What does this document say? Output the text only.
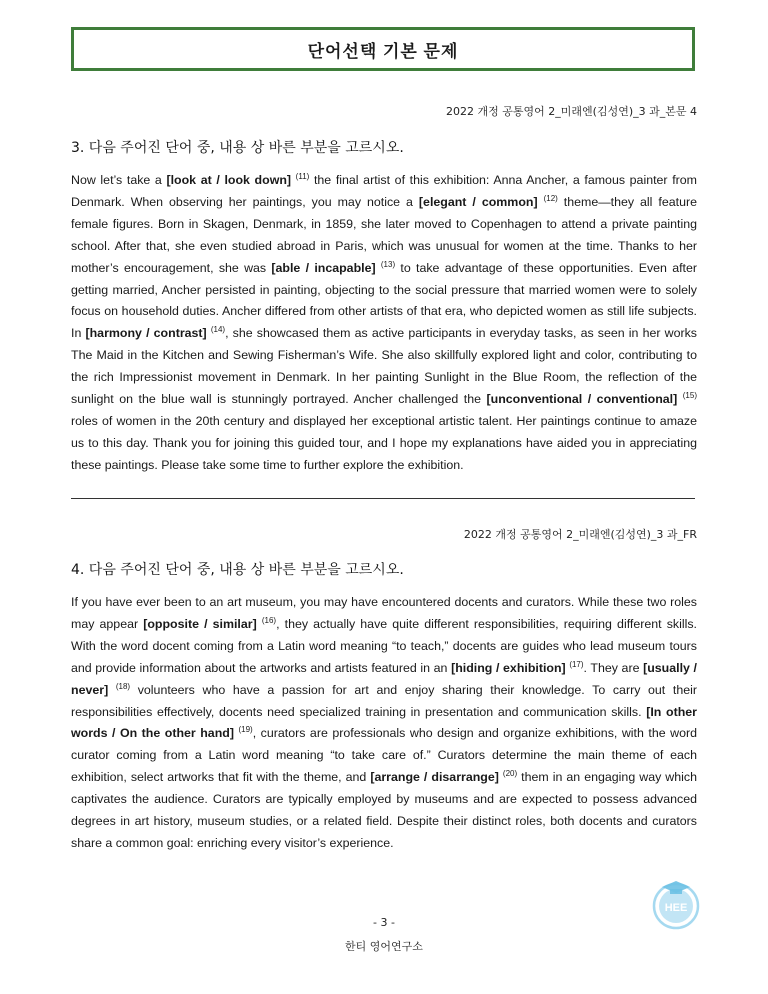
단어선택 기본 문제
2022 개정 공통영어 2_미래엔(김성연)_3 과_본문 4
3. 다음 주어진 단어 중, 내용 상 바른 부분을 고르시오.
Now let’s take a [look at / look down] $^{(11)}$ the final artist of this exhibition: Anna Ancher, a famous painter from Denmark. When observing her paintings, you may notice a [elegant / common] $^{(12)}$ theme—they all feature female figures. Born in Skagen, Denmark, in 1859, she later moved to Copenhagen to attend a private painting school. After that, she even studied abroad in Paris, which was unusual for women at the time. Thanks to her mother’s encouragement, she was [able / incapable] $^{(13)}$ to take advantage of these opportunities. Even after getting married, Ancher persisted in painting, objecting to the social pressure that married women were to solely focus on household duties. Ancher differed from other artists of that era, who depicted women as still life subjects. In [harmony / contrast] $^{(14)}$, she showcased them as active participants in everyday tasks, as seen in her works The Maid in the Kitchen and Sewing Fisherman’s Wife. She also skillfully explored light and color, contributing to the rich Impressionist movement in Denmark. In her painting Sunlight in the Blue Room, the reflection of the sunlight on the blue wall is stunningly portrayed. Ancher challenged the [unconventional / conventional] $^{(15)}$ roles of women in the 20th century and displayed her exceptional artistic talent. Her paintings continue to amaze us to this day. Thank you for joining this guided tour, and I hope my explanations have aided you in appreciating these paintings. Please take some time to further explore the exhibition.
2022 개정 공통영어 2_미래엔(김성연)_3 과_FR
4. 다음 주어진 단어 중, 내용 상 바른 부분을 고르시오.
If you have ever been to an art museum, you may have encountered docents and curators. While these two roles may appear [opposite / similar] $^{(16)}$, they actually have quite different responsibilities, requiring different skills. With the word docent coming from a Latin word meaning “to teach,” docents are guides who lead museum tours and provide information about the artworks and artists featured in an [hiding / exhibition] $^{(17)}$. They are [usually / never] $^{(18)}$ volunteers who have a passion for art and enjoy sharing their knowledge. To carry out their responsibilities effectively, docents need specialized training in presentation and communication skills. [In other words / On the other hand] $^{(19)}$, curators are professionals who design and organize exhibitions, with the word curator coming from a Latin word meaning “to take care of.” Curators determine the main theme of each exhibition, select artworks that fit with the theme, and [arrange / disarrange] $^{(20)}$ them in an engaging way which captivates the audience. Curators are typically employed by museums and are expected to possess advanced degrees in art history, museum studies, or a related field. Despite their distinct roles, both docents and curators share a common goal: enriching every visitor’s experience.
HEE
- 3 -
한티 영어연구소
